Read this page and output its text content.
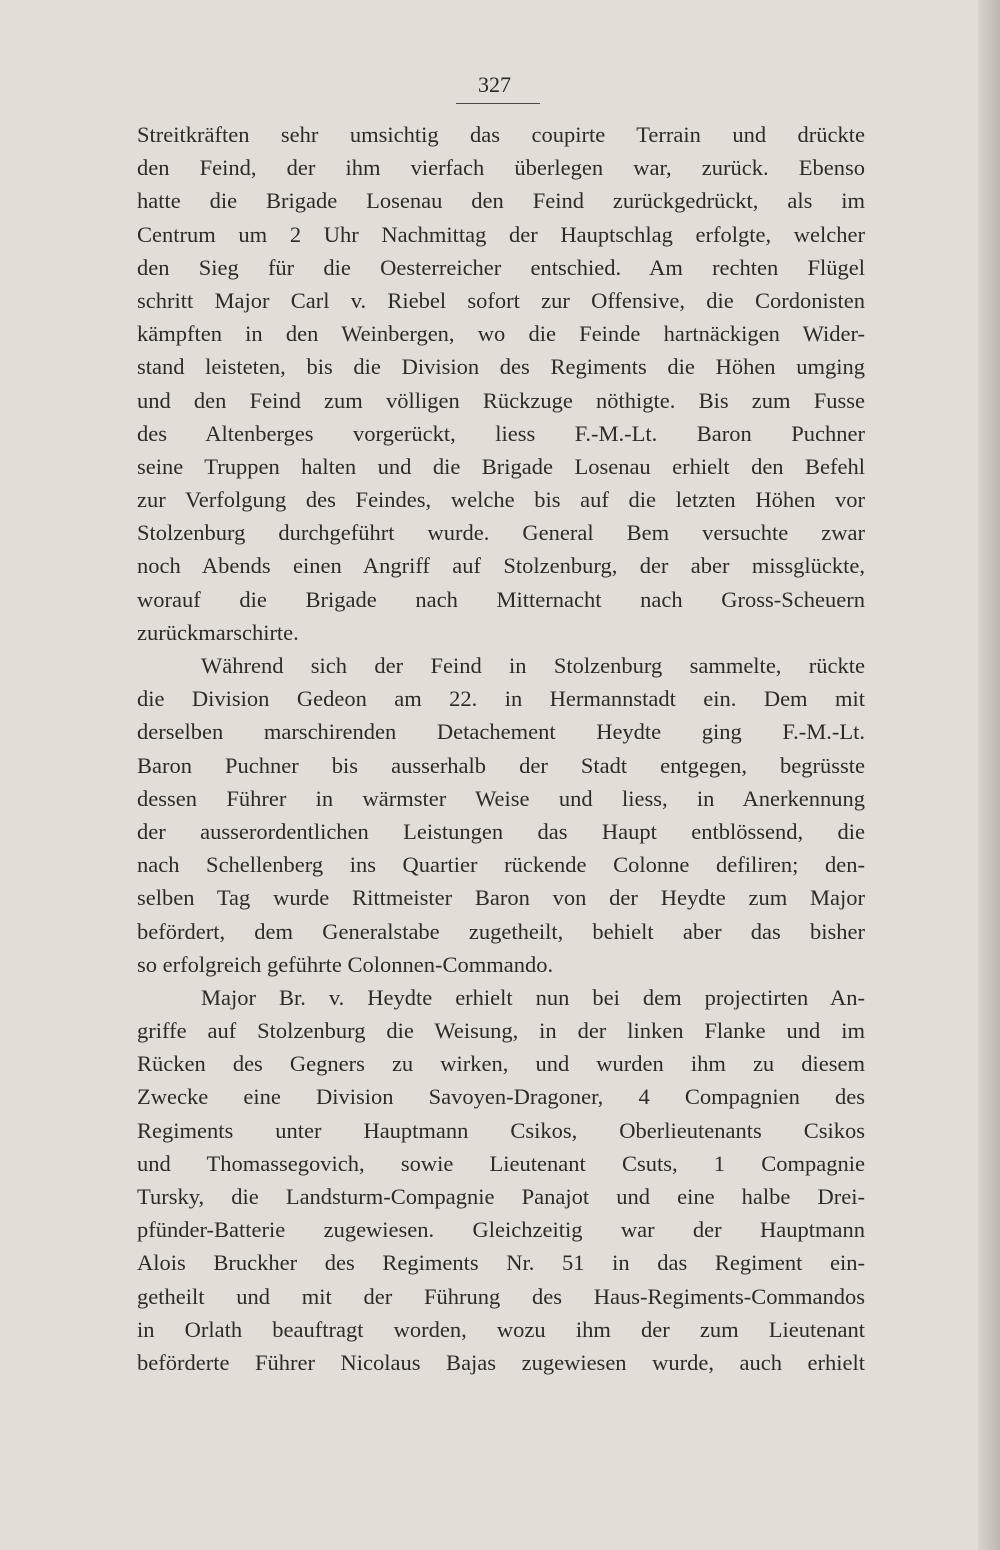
327
Streitkräften sehr umsichtig das coupirte Terrain und drückte
den Feind, der ihm vierfach überlegen war, zurück. Ebenso
hatte die Brigade Losenau den Feind zurückgedrückt, als im
Centrum um 2 Uhr Nachmittag der Hauptschlag erfolgte, welcher
den Sieg für die Oesterreicher entschied. Am rechten Flügel
schritt Major Carl v. Riebel sofort zur Offensive, die Cordonisten
kämpften in den Weinbergen, wo die Feinde hartnäckigen Wider-
stand leisteten, bis die Division des Regiments die Höhen umging
und den Feind zum völligen Rückzuge nöthigte. Bis zum Fusse
des Altenberges vorgerückt, liess F.-M.-Lt. Baron Puchner
seine Truppen halten und die Brigade Losenau erhielt den Befehl
zur Verfolgung des Feindes, welche bis auf die letzten Höhen vor
Stolzenburg durchgeführt wurde. General Bem versuchte zwar
noch Abends einen Angriff auf Stolzenburg, der aber missglückte,
worauf die Brigade nach Mitternacht nach Gross-Scheuern
zurückmarschirte.
Während sich der Feind in Stolzenburg sammelte, rückte
die Division Gedeon am 22. in Hermannstadt ein. Dem mit
derselben marschirenden Detachement Heydte ging F.-M.-Lt.
Baron Puchner bis ausserhalb der Stadt entgegen, begrüsste
dessen Führer in wärmster Weise und liess, in Anerkennung
der ausserordentlichen Leistungen das Haupt entblössend, die
nach Schellenberg ins Quartier rückende Colonne defiliren; den-
selben Tag wurde Rittmeister Baron von der Heydte zum Major
befördert, dem Generalstabe zugetheilt, behielt aber das bisher
so erfolgreich geführte Colonnen-Commando.
Major Br. v. Heydte erhielt nun bei dem projectirten An-
griffe auf Stolzenburg die Weisung, in der linken Flanke und im
Rücken des Gegners zu wirken, und wurden ihm zu diesem
Zwecke eine Division Savoyen-Dragoner, 4 Compagnien des
Regiments unter Hauptmann Csikos, Oberlieutenants Csikos
und Thomassegovich, sowie Lieutenant Csuts, 1 Compagnie
Tursky, die Landsturm-Compagnie Panajot und eine halbe Drei-
pfünder-Batterie zugewiesen. Gleichzeitig war der Hauptmann
Alois Bruckher des Regiments Nr. 51 in das Regiment ein-
getheilt und mit der Führung des Haus-Regiments-Commandos
in Orlath beauftragt worden, wozu ihm der zum Lieutenant
beförderte Führer Nicolaus Bajas zugewiesen wurde, auch erhielt
